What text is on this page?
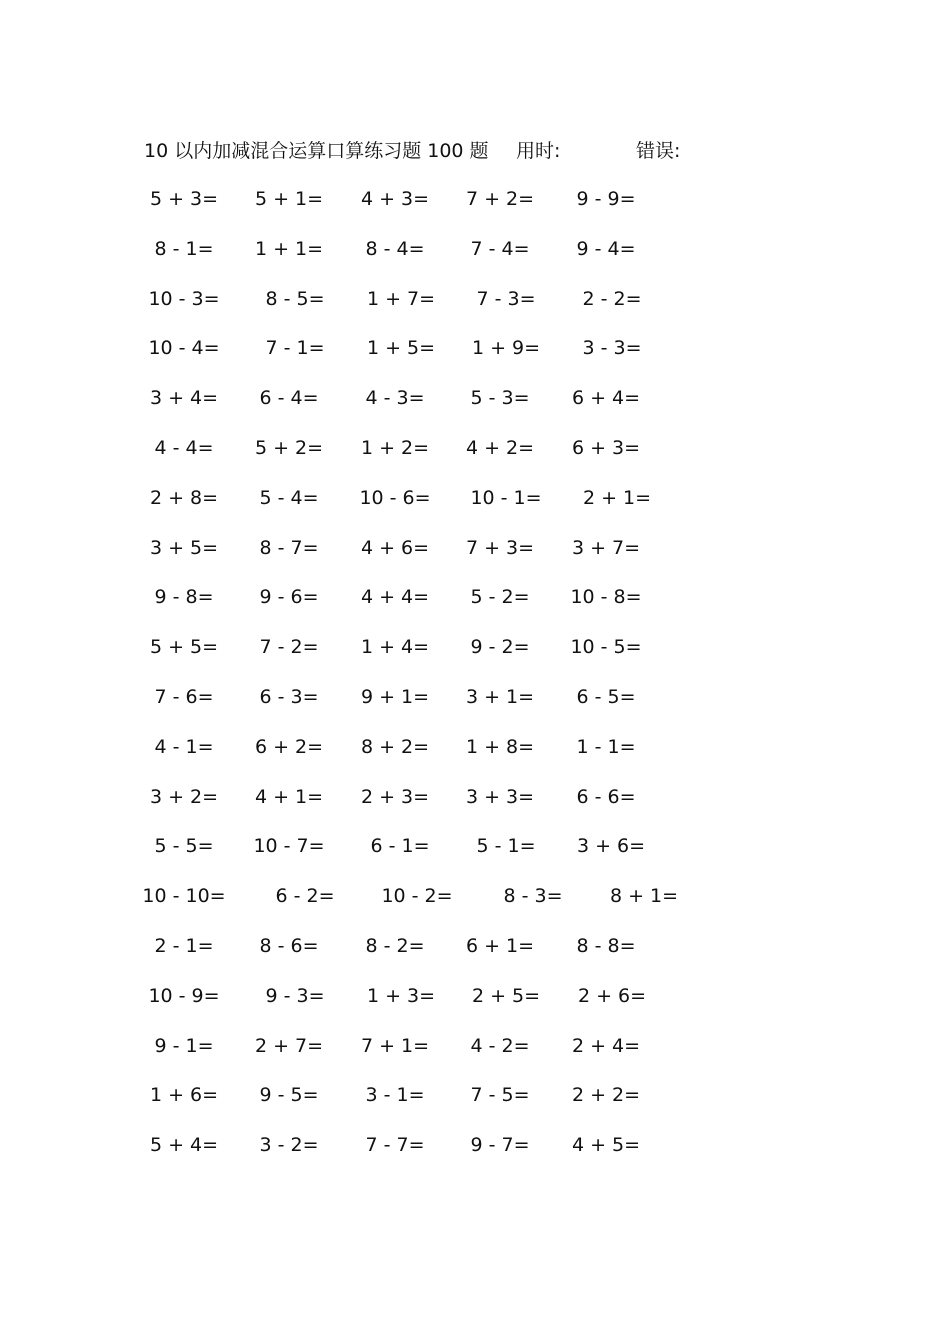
10 以内加减混合运算口算练习题 100 题 用时:	错误:
5 + 3=	5 + 1=	4 + 3=	7 + 2=	9 - 9=
8 - 1=	1 + 1=	8 - 4=	7 - 4=	9 - 4=
10 - 3=	8 - 5=	1 + 7=	7 - 3=	2 - 2=
10 - 4=	7 - 1=	1 + 5=	1 + 9=	3 - 3=
3 + 4=	6 - 4=	4 - 3=	5 - 3=	6 + 4=
4 - 4=	5 + 2=	1 + 2=	4 + 2=	6 + 3=
2 + 8=	5 - 4=	10 - 6=	10 - 1=	2 + 1=
3 + 5=	8 - 7=	4 + 6=	7 + 3=	3 + 7=
9 - 8=	9 - 6=	4 + 4=	5 - 2=	10 - 8=
5 + 5=	7 - 2=	1 + 4=	9 - 2=	10 - 5=
7 - 6=	6 - 3=	9 + 1=	3 + 1=	6 - 5=
4 - 1=	6 + 2=	8 + 2=	1 + 8=	1 - 1=
3 + 2=	4 + 1=	2 + 3=	3 + 3=	6 - 6=
5 - 5=	10 - 7=	6 - 1=	5 - 1=	3 + 6=
10 - 10=	6 - 2=	10 - 2=	8 - 3=	8 + 1=
2 - 1=	8 - 6=	8 - 2=	6 + 1=	8 - 8=
10 - 9=	9 - 3=	1 + 3=	2 + 5=	2 + 6=
9 - 1=	2 + 7=	7 + 1=	4 - 2=	2 + 4=
1 + 6=	9 - 5=	3 - 1=	7 - 5=	2 + 2=
5 + 4=	3 - 2=	7 - 7=	9 - 7=	4 + 5=
